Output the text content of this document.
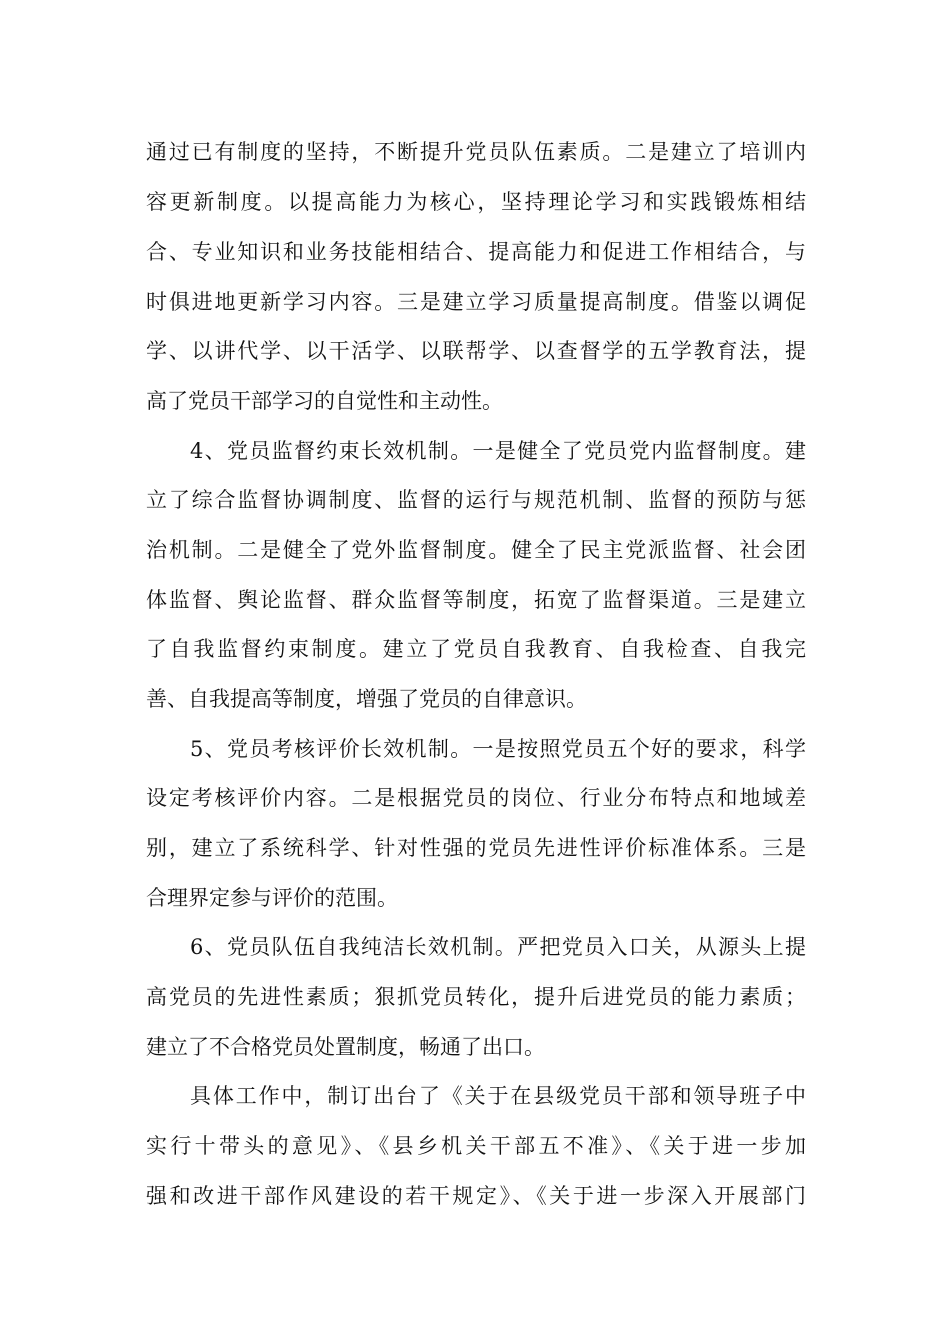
通过已有制度的坚持，不断提升党员队伍素质。二是建立了培训内
容更新制度。以提高能力为核心，坚持理论学习和实践锻炼相结
合、专业知识和业务技能相结合、提高能力和促进工作相结合，与
时俱进地更新学习内容。三是建立学习质量提高制度。借鉴以调促
学、以讲代学、以干活学、以联帮学、以查督学的五学教育法，提
高了党员干部学习的自觉性和主动性。
4、党员监督约束长效机制。一是健全了党员党内监督制度。建
立了综合监督协调制度、监督的运行与规范机制、监督的预防与惩
治机制。二是健全了党外监督制度。健全了民主党派监督、社会团
体监督、舆论监督、群众监督等制度，拓宽了监督渠道。三是建立
了自我监督约束制度。建立了党员自我教育、自我检查、自我完
善、自我提高等制度，增强了党员的自律意识。
5、党员考核评价长效机制。一是按照党员五个好的要求，科学
设定考核评价内容。二是根据党员的岗位、行业分布特点和地域差
别，建立了系统科学、针对性强的党员先进性评价标准体系。三是
合理界定参与评价的范围。
6、党员队伍自我纯洁长效机制。严把党员入口关，从源头上提
高党员的先进性素质；狠抓党员转化，提升后进党员的能力素质；
建立了不合格党员处置制度，畅通了出口。
具体工作中，制订出台了《关于在县级党员干部和领导班子中
实行十带头的意见》、《县乡机关干部五不准》、《关于进一步加
强和改进干部作风建设的若干规定》、《关于进一步深入开展部门
